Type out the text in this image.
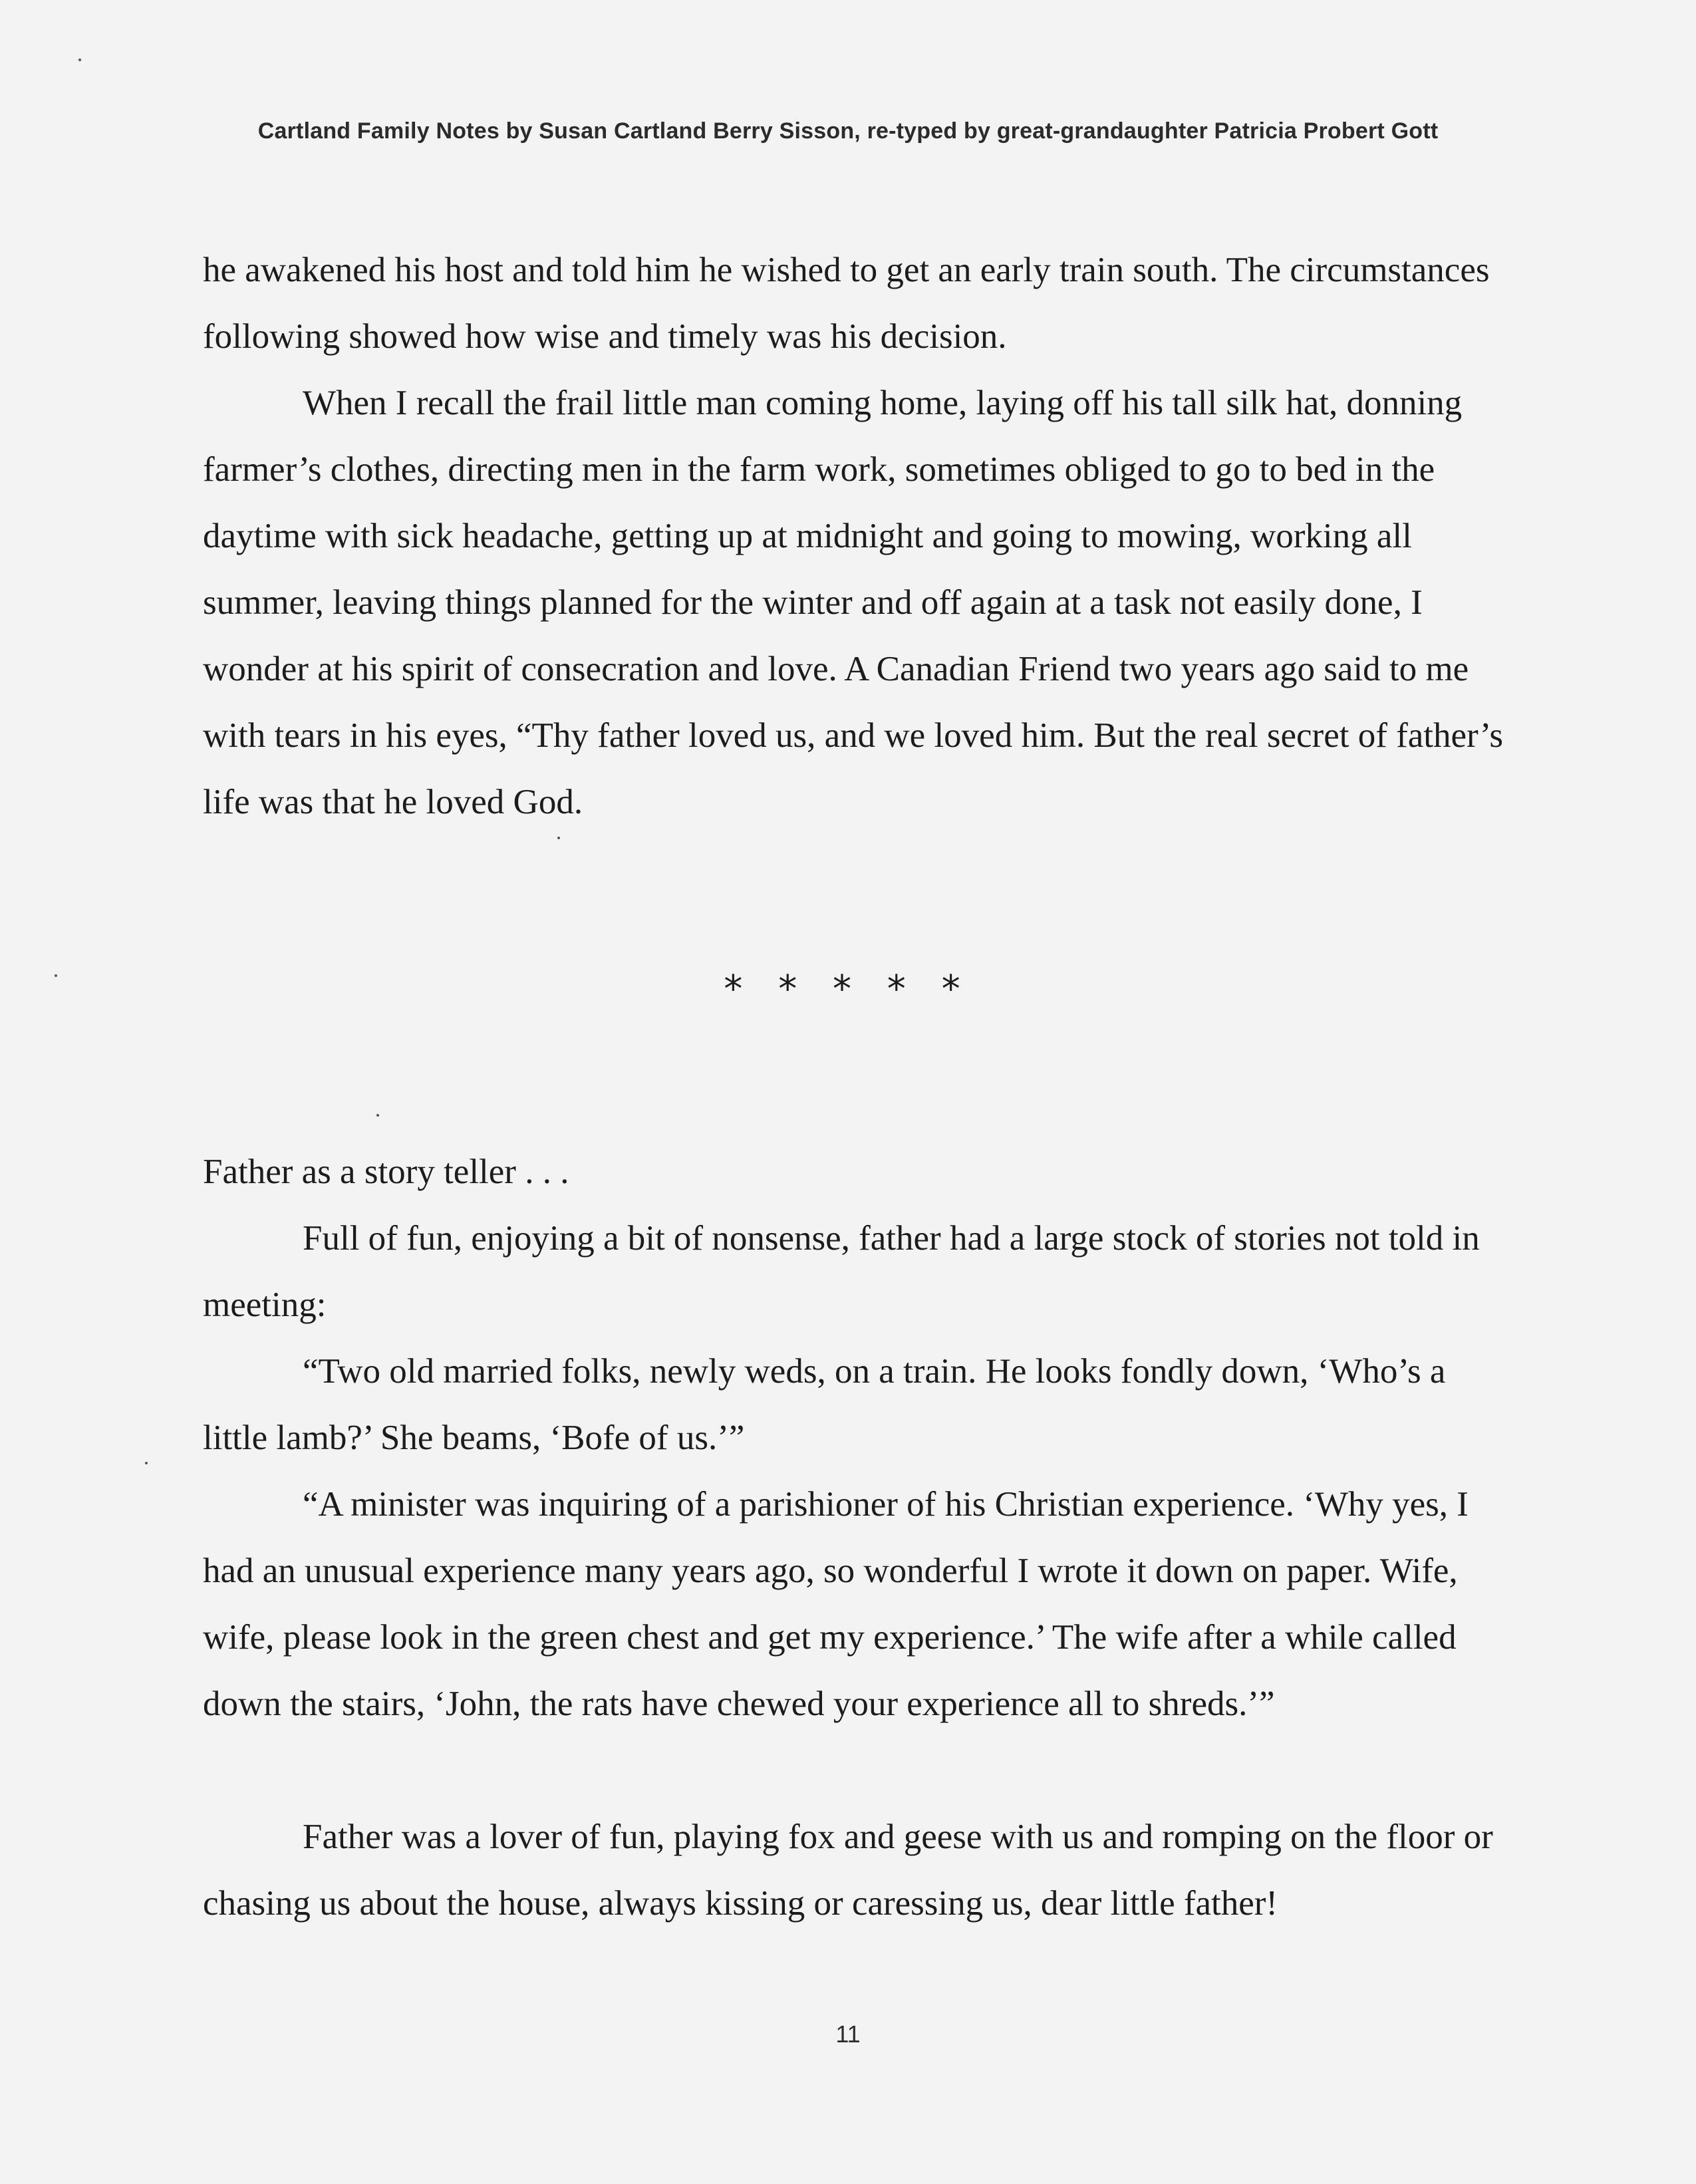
Cartland Family Notes by Susan Cartland Berry Sisson, re-typed by great-grandaughter Patricia Probert Gott

he awakened his host and told him he wished to get an early train south. The circumstances following showed how wise and timely was his decision.

When I recall the frail little man coming home, laying off his tall silk hat, donning farmer’s clothes, directing men in the farm work, sometimes obliged to go to bed in the daytime with sick headache, getting up at midnight and going to mowing, working all summer, leaving things planned for the winter and off again at a task not easily done, I wonder at his spirit of consecration and love. A Canadian Friend two years ago said to me with tears in his eyes, “Thy father loved us, and we loved him. But the real secret of father’s life was that he loved God.

* * * * *
Father as a story teller . . .

Full of fun, enjoying a bit of nonsense, father had a large stock of stories not told in meeting:

“Two old married folks, newly weds, on a train. He looks fondly down, ‘Who’s a little lamb?’ She beams, ‘Bofe of us.’”

“A minister was inquiring of a parishioner of his Christian experience. ‘Why yes, I had an unusual experience many years ago, so wonderful I wrote it down on paper. Wife, wife, please look in the green chest and get my experience.’ The wife after a while called down the stairs, ‘John, the rats have chewed your experience all to shreds.’”

Father was a lover of fun, playing fox and geese with us and romping on the floor or chasing us about the house, always kissing or caressing us, dear little father!

11
